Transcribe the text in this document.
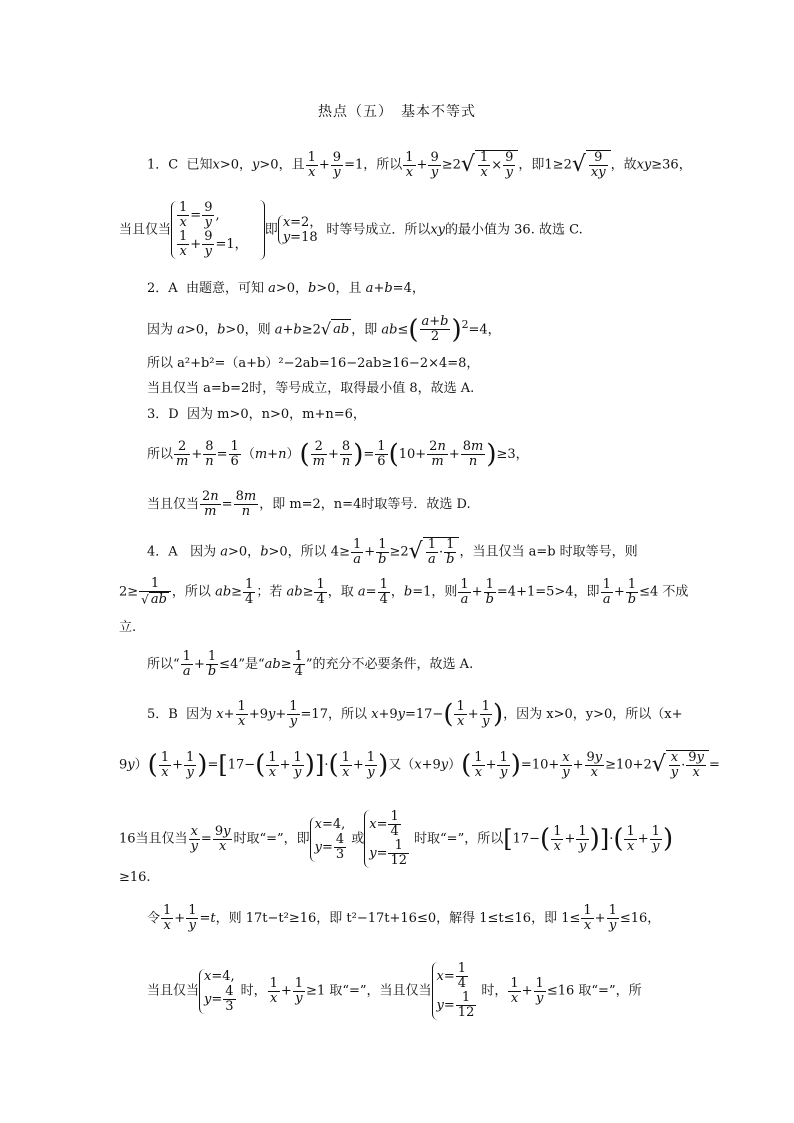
热点（五）　基本不等式
1．C 已知x>0，y>0，且 $\frac{1}{x} + \frac{9}{y} =1$，所以 $\frac{1}{x} + \frac{9}{y} \ge 2√ \frac{1}{x} \times \frac{9}{y}$ ，即$1\ge 2√ \frac{9}{xy}$ ，故xy≥36，
当且仅当 $\frac{1}{x} = \frac{9}{y}$ ,
$\frac{1}{x} + \frac{9}{y} =1$，
即 x=2，
y=18 时等号成立．所以xy的最小值为 36. 故选 C.
2．A 由题意，可知 a>0，b>0，且 a+b=4，
因为 a>0，b>0，则 a+b≥2√ ab ，即 $ab\le( \frac{a+b}{2} )^2=4$，
所以 a²+b²=（a+b）²−2ab=16−2ab≥16−2×4=8，
当且仅当 a=b=2时，等号成立，取得最小值 8，故选 A.
3．D 因为 m>0，n>0，m+n=6，
所以 $\frac{2}{m} + \frac{8}{n} = \frac{1}{6} (m+n)( \frac{2}{m} + \frac{8}{n}$ )= $\frac{1}{6} (10+ \frac{2n}{m} + \frac{8m}{n} )\ge 3$，
当且仅当 $\frac{2n}{m} = \frac{8m}{n}$ ，即 m=2，n=4时取等号．故选 D.
4．A 因为 a>0，b>0，所以 $4\ge \frac{1}{a} + \frac{1}{b} \ge 2√ \frac{1}{a} \cdot \frac{1}{b}$ ，当且仅当 a=b 时取等号，则
$2\ge \frac{1}{√ ab}$ ，所以 $ab\ge \frac{1}{4}$ ；若 $ab\ge \frac{1}{4}$ ，取 $a= \frac{1}{4}$ ，b=1，则 $\frac{1}{a} + \frac{1}{b} =4+1=5>4$，即 $\frac{1}{a} + \frac{1}{b} \le 4$ 不成
立.
所以“ $\frac{1}{a} + \frac{1}{b} \le 4$”是“$ab\ge \frac{1}{4}$ ”的充分不必要条件，故选 A.
5．B 因为 $x+ \frac{1}{x} +9y+ \frac{1}{y} =17$，所以 $x+9y=17-( \frac{1}{x} + \frac{1}{y}$ )，因为 x>0，y>0，所以（x+
$9y)( \frac{1}{x} + \frac{1}{y} )=[17-( \frac{1}{x} + \frac{1}{y}$ )]·( $\frac{1}{x} + \frac{1}{y}$ )又$(x+9y)( \frac{1}{x} + \frac{1}{y} )=10+ \frac{x}{y} + \frac{9y}{x} \ge 10+2√ \frac{x}{y} \cdot \frac{9y}{x}$ =
16当且仅当 $\frac{x}{y} = \frac{9y}{x}$ 时取“=”，即
x=4,
$y= \frac{4}{3}$ 或
$x= \frac{1}{4}$
$y= \frac{1}{12}$ 时取“=”，所以[$17-( \frac{1}{x} + \frac{1}{y}$ )]·( $\frac{1}{x} + \frac{1}{y}$ )
≥16.
令 $\frac{1}{x} + \frac{1}{y} =t$，则 17t−t²≥16，即 t²−17t+16≤0，解得 1≤t≤16，即 $1\le \frac{1}{x} + \frac{1}{y} \le 16$，
当且仅当
x=4,
$y= \frac{4}{3}$ 时， $\frac{1}{x} + \frac{1}{y} \ge 1$ 取“=”，当且仅当
$x= \frac{1}{4}$
$y= \frac{1}{12}$ 时， $\frac{1}{x} + \frac{1}{y} \le 16$ 取“=”，所
